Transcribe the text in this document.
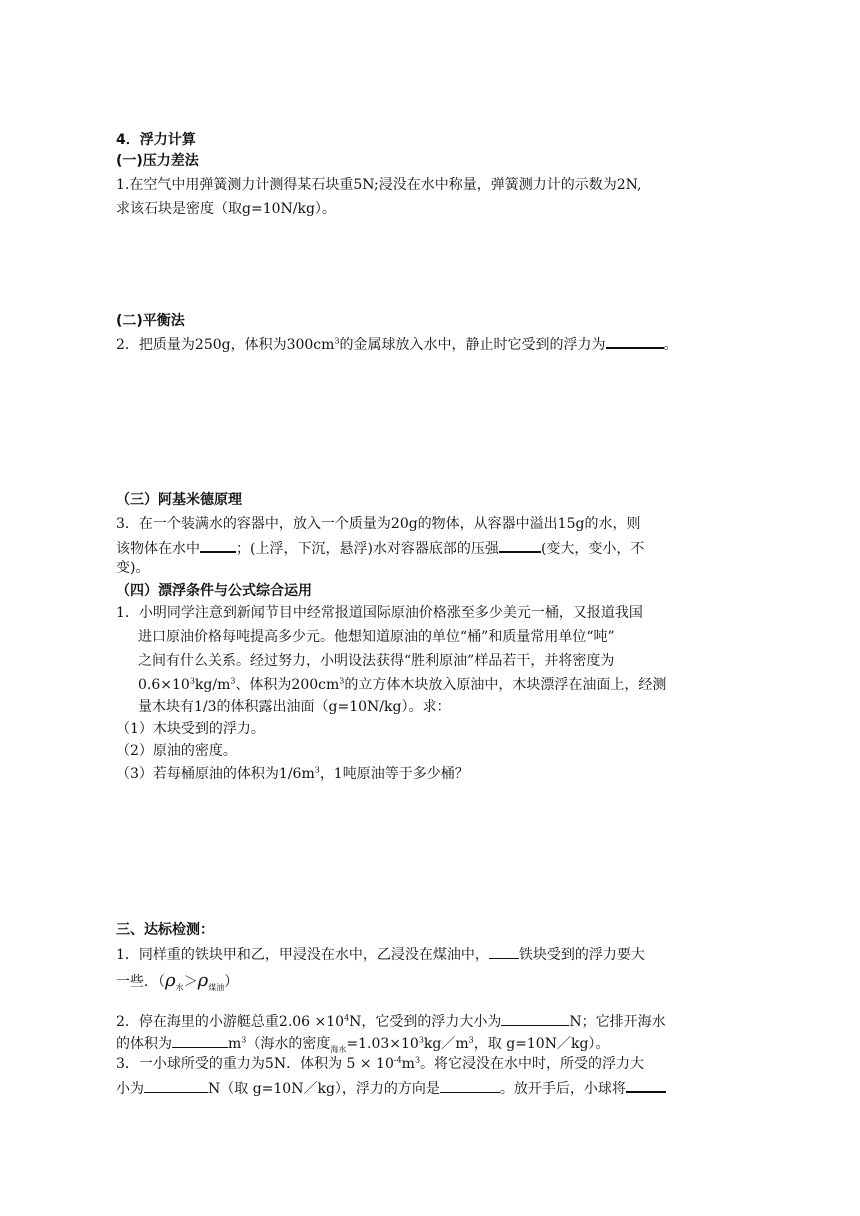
4．浮力计算
(一)压力差法
1.在空气中用弹簧测力计测得某石块重5N;浸没在水中称量，弹簧测力计的示数为2N,
求该石块是密度（取g=10N/kg）。
(二)平衡法
2．把质量为250g，体积为$300cm^3$的金属球放入水中，静止时它受到的浮力为	。
（三）阿基米德原理
3．在一个装满水的容器中，放入一个质量为20g的物体，从容器中溢出15g的水，则
该物体在水中	；(上浮，下沉，悬浮)水对容器底部的压强	(变大，变小，不
变)。
（四）漂浮条件与公式综合运用
1．小明同学注意到新闻节目中经常报道国际原油价格涨至多少美元一桶，又报道我国
进口原油价格每吨提高多少元。他想知道原油的单位“桶”和质量常用单位“吨”
之间有什么关系。经过努力，小明设法获得“胜利原油”样品若干，并将密度为
$0.6\times 10^3kg/m^3$、体积为$200cm^3$的立方体木块放入原油中，木块漂浮在油面上，经测
量木块有1/3的体积露出油面（g=10N/kg）。求：
（1）木块受到的浮力。
（2）原油的密度。
（3）若每桶原油的体积为$1/6m^3$，1吨原油等于多少桶？
三、达标检测：
1．同样重的铁块甲和乙，甲浸没在水中，乙浸没在煤油中， 铁块受到的浮力要大
一些．$(\rho_水>\rho_{煤油})$
2．停在海里的小游艇总重$2.06 \times 10^4N$，它受到的浮力大小为	N；它排开海水
的体积为	$m^3$（海水的密度$_{海水}=1.03\times 10^3kg/m^3$，取 g=10N／kg）。
3．一小球所受的重力为5N．体积为 $5 \times 10^{-4}m^3$。将它浸没在水中时，所受的浮力大
小为	N（取 g=10N／kg），浮力的方向是	。放开手后，小球将
